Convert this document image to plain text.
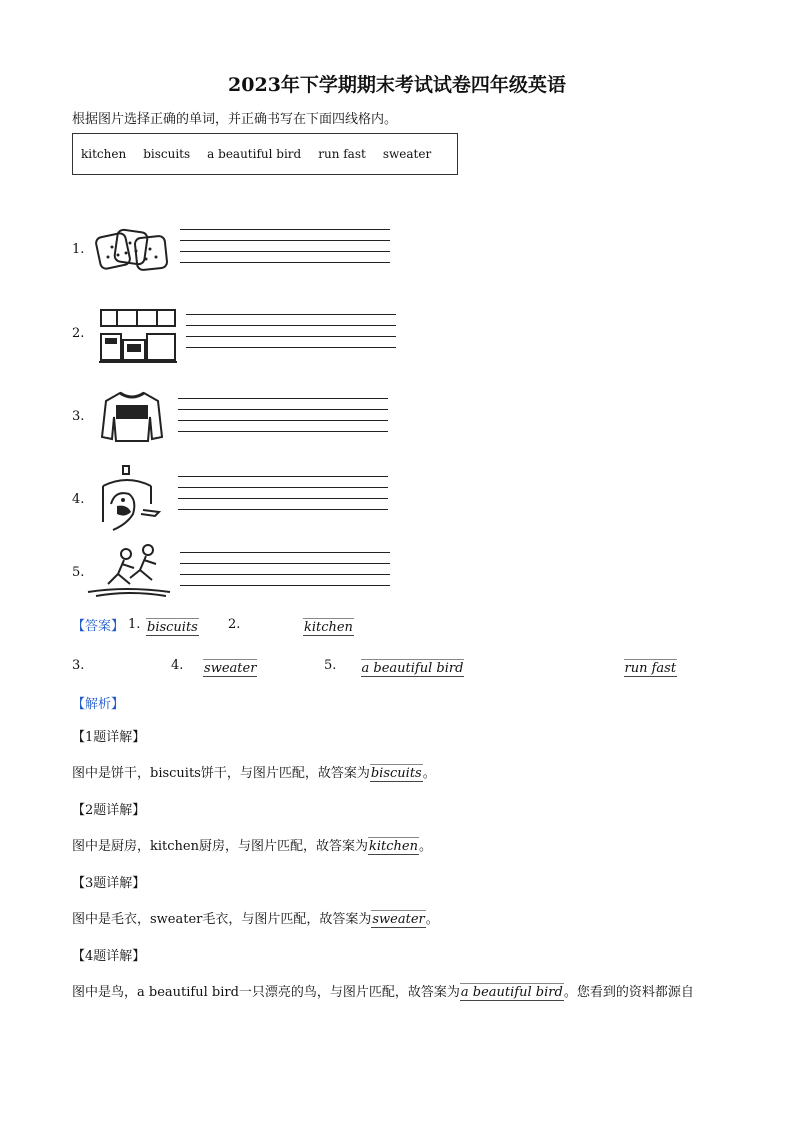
2023年下学期期末考试试卷四年级英语
根据图片选择正确的单词，并正确书写在下面四线格内。
kitchen biscuits a beautiful bird run fast sweater
1.
2.
3.
4.
5.
【答案】 1. biscuits 2.	kitchen
3.	sweater
4.	a beautiful bird
5.	run fast
【解析】
【1题详解】
图中是饼干，biscuits饼干，与图片匹配，故答案为biscuits。
【2题详解】
图中是厨房，kitchen厨房，与图片匹配，故答案为kitchen。
【3题详解】
图中是毛衣，sweater毛衣，与图片匹配，故答案为sweater。
【4题详解】
图中是鸟，a beautiful bird一只漂亮的鸟，与图片匹配，故答案为a beautiful bird。您看到的资料都源自
